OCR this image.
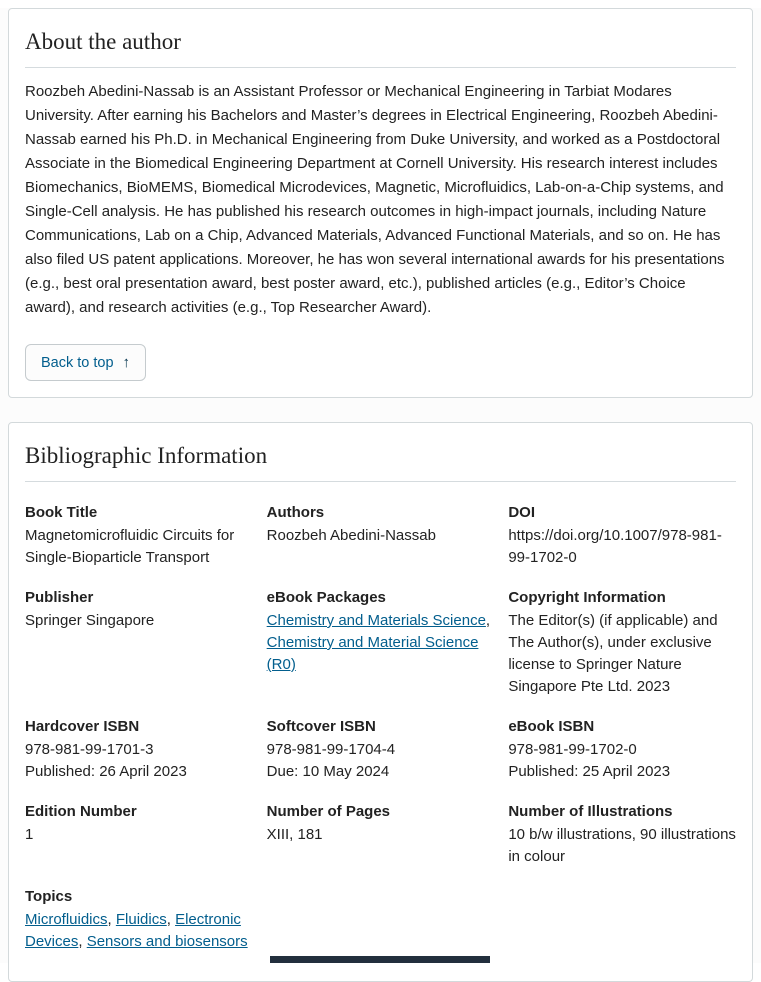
About the author

Roozbeh Abedini-Nassab is an Assistant Professor or Mechanical Engineering in Tarbiat Modares University. After earning his Bachelors and Master’s degrees in Electrical Engineering, Roozbeh Abedini-Nassab earned his Ph.D. in Mechanical Engineering from Duke University, and worked as a Postdoctoral Associate in the Biomedical Engineering Department at Cornell University. His research interest includes Biomechanics, BioMEMS, Biomedical Microdevices, Magnetic, Microfluidics, Lab-on-a-Chip systems, and Single-Cell analysis. He has published his research outcomes in high-impact journals, including Nature Communications, Lab on a Chip, Advanced Materials, Advanced Functional Materials, and so on. He has also filed US patent applications. Moreover, he has won several international awards for his presentations (e.g., best oral presentation award, best poster award, etc.), published articles (e.g., Editor’s Choice award), and research activities (e.g., Top Researcher Award).

Back to top ↑
Bibliographic Information
Book Title
Magnetomicrofluidic Circuits for Single-Bioparticle Transport
Authors
Roozbeh Abedini-Nassab
DOI
https://doi.org/10.1007/978-981-99-1702-0
Publisher
Springer Singapore
eBook Packages
Chemistry and Materials Science, Chemistry and Material Science (R0)
Copyright Information
The Editor(s) (if applicable) and The Author(s), under exclusive license to Springer Nature Singapore Pte Ltd. 2023
Hardcover ISBN
978-981-99-1701-3
Published: 26 April 2023
Softcover ISBN
978-981-99-1704-4
Due: 10 May 2024
eBook ISBN
978-981-99-1702-0
Published: 25 April 2023
Edition Number
1
Number of Pages
XIII, 181
Number of Illustrations
10 b/w illustrations, 90 illustrations in colour
Topics
Microfluidics, Fluidics, Electronic Devices, Sensors and biosensors
